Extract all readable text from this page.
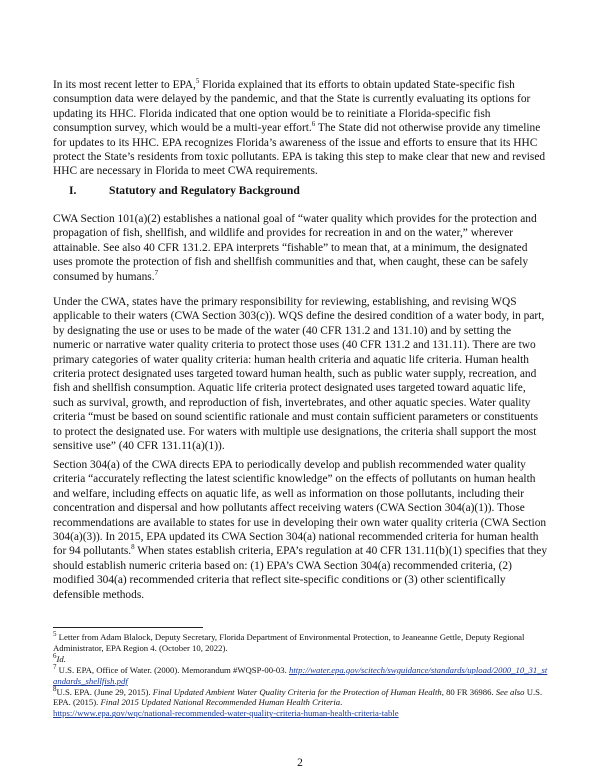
In its most recent letter to EPA,$^5$ Florida explained that its efforts to obtain updated State-specific fish consumption data were delayed by the pandemic, and that the State is currently evaluating its options for updating its HHC. Florida indicated that one option would be to reinitiate a Florida-specific fish consumption survey, which would be a multi-year effort.$^6$ The State did not otherwise provide any timeline for updates to its HHC. EPA recognizes Florida’s awareness of the issue and efforts to ensure that its HHC protect the State’s residents from toxic pollutants. EPA is taking this step to make clear that new and revised HHC are necessary in Florida to meet CWA requirements.

I.	Statutory and Regulatory Background

CWA Section 101(a)(2) establishes a national goal of “water quality which provides for the protection and propagation of fish, shellfish, and wildlife and provides for recreation in and on the water,” wherever attainable. See also 40 CFR 131.2. EPA interprets “fishable” to mean that, at a minimum, the designated uses promote the protection of fish and shellfish communities and that, when caught, these can be safely consumed by humans.$^7$

Under the CWA, states have the primary responsibility for reviewing, establishing, and revising WQS applicable to their waters (CWA Section 303(c)). WQS define the desired condition of a water body, in part, by designating the use or uses to be made of the water (40 CFR 131.2 and 131.10) and by setting the numeric or narrative water quality criteria to protect those uses (40 CFR 131.2 and 131.11). There are two primary categories of water quality criteria: human health criteria and aquatic life criteria. Human health criteria protect designated uses targeted toward human health, such as public water supply, recreation, and fish and shellfish consumption. Aquatic life criteria protect designated uses targeted toward aquatic life, such as survival, growth, and reproduction of fish, invertebrates, and other aquatic species. Water quality criteria “must be based on sound scientific rationale and must contain sufficient parameters or constituents to protect the designated use. For waters with multiple use designations, the criteria shall support the most sensitive use” (40 CFR 131.11(a)(1)).

Section 304(a) of the CWA directs EPA to periodically develop and publish recommended water quality criteria “accurately reflecting the latest scientific knowledge” on the effects of pollutants on human health and welfare, including effects on aquatic life, as well as information on those pollutants, including their concentration and dispersal and how pollutants affect receiving waters (CWA Section 304(a)(1)). Those recommendations are available to states for use in developing their own water quality criteria (CWA Section 304(a)(3)). In 2015, EPA updated its CWA Section 304(a) national recommended criteria for human health for 94 pollutants.$^8$ When states establish criteria, EPA’s regulation at 40 CFR 131.11(b)(1) specifies that they should establish numeric criteria based on: (1) EPA’s CWA Section 304(a) recommended criteria, (2) modified 304(a) recommended criteria that reflect site-specific conditions or (3) other scientifically defensible methods.

$^5$ Letter from Adam Blalock, Deputy Secretary, Florida Department of Environmental Protection, to Jeaneanne Gettle, Deputy Regional Administrator, EPA Region 4. (October 10, 2022).

$^6$Id.

$^7$ U.S. EPA, Office of Water. (2000). Memorandum #WQSP-00-03. http://water.epa.gov/scitech/swguidance/standards/upload/2000_10_31_standards_shellfish.pdf

$^8$U.S. EPA. (June 29, 2015). Final Updated Ambient Water Quality Criteria for the Protection of Human Health, 80 FR 36986. See also U.S. EPA. (2015). Final 2015 Updated National Recommended Human Health Criteria.
https://www.epa.gov/wqc/national-recommended-water-quality-criteria-human-health-criteria-table

2
